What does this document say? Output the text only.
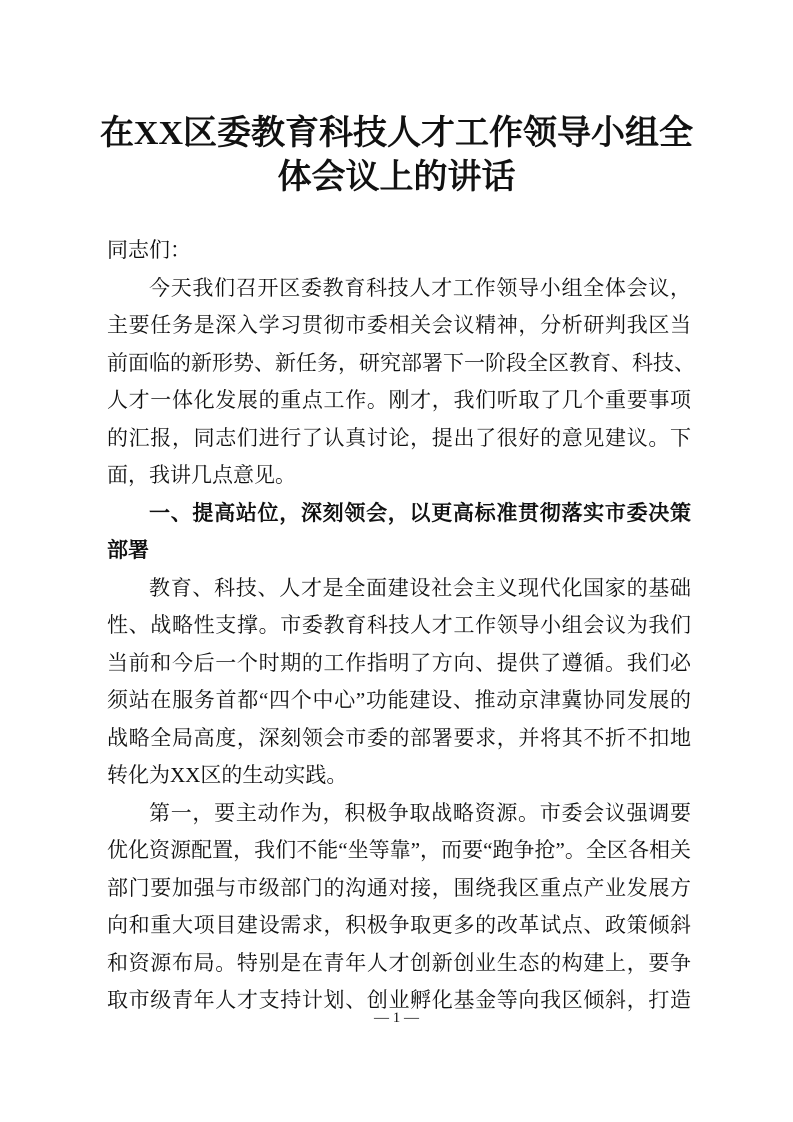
在XX区委教育科技人才工作领导小组全
体会议上的讲话
同志们：
今天我们召开区委教育科技人才工作领导小组全体会议，
主要任务是深入学习贯彻市委相关会议精神，分析研判我区当
前面临的新形势、新任务，研究部署下一阶段全区教育、科技、
人才一体化发展的重点工作。刚才，我们听取了几个重要事项
的汇报，同志们进行了认真讨论，提出了很好的意见建议。下
面，我讲几点意见。
一、提高站位，深刻领会，以更高标准贯彻落实市委决策
部署
教育、科技、人才是全面建设社会主义现代化国家的基础
性、战略性支撑。市委教育科技人才工作领导小组会议为我们
当前和今后一个时期的工作指明了方向、提供了遵循。我们必
须站在服务首都“四个中心”功能建设、推动京津冀协同发展的
战略全局高度，深刻领会市委的部署要求，并将其不折不扣地
转化为XX区的生动实践。
第一，要主动作为，积极争取战略资源。市委会议强调要
优化资源配置，我们不能“坐等靠”，而要“跑争抢”。全区各相关
部门要加强与市级部门的沟通对接，围绕我区重点产业发展方
向和重大项目建设需求，积极争取更多的改革试点、政策倾斜
和资源布局。特别是在青年人才创新创业生态的构建上，要争
取市级青年人才支持计划、创业孵化基金等向我区倾斜，打造
— 1 —
